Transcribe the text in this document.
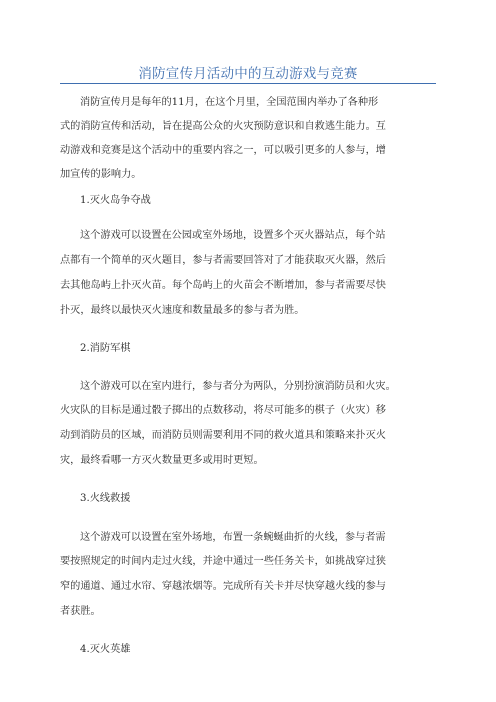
消防宣传月活动中的互动游戏与竞赛
消防宣传月是每年的11月，在这个月里，全国范围内举办了各种形
式的消防宣传和活动，旨在提高公众的火灾预防意识和自救逃生能力。互
动游戏和竞赛是这个活动中的重要内容之一，可以吸引更多的人参与，增
加宣传的影响力。
1.灭火岛争夺战
这个游戏可以设置在公园或室外场地，设置多个灭火器站点，每个站
点都有一个简单的灭火题目，参与者需要回答对了才能获取灭火器，然后
去其他岛屿上扑灭火苗。每个岛屿上的火苗会不断增加，参与者需要尽快
扑灭，最终以最快灭火速度和数量最多的参与者为胜。
2.消防军棋
这个游戏可以在室内进行，参与者分为两队，分别扮演消防员和火灾。
火灾队的目标是通过骰子掷出的点数移动，将尽可能多的棋子（火灾）移
动到消防员的区域，而消防员则需要利用不同的救火道具和策略来扑灭火
灾，最终看哪一方灭火数量更多或用时更短。
3.火线救援
这个游戏可以设置在室外场地，布置一条蜿蜒曲折的火线，参与者需
要按照规定的时间内走过火线，并途中通过一些任务关卡，如挑战穿过狭
窄的通道、通过水帘、穿越浓烟等。完成所有关卡并尽快穿越火线的参与
者获胜。
4.灭火英雄
